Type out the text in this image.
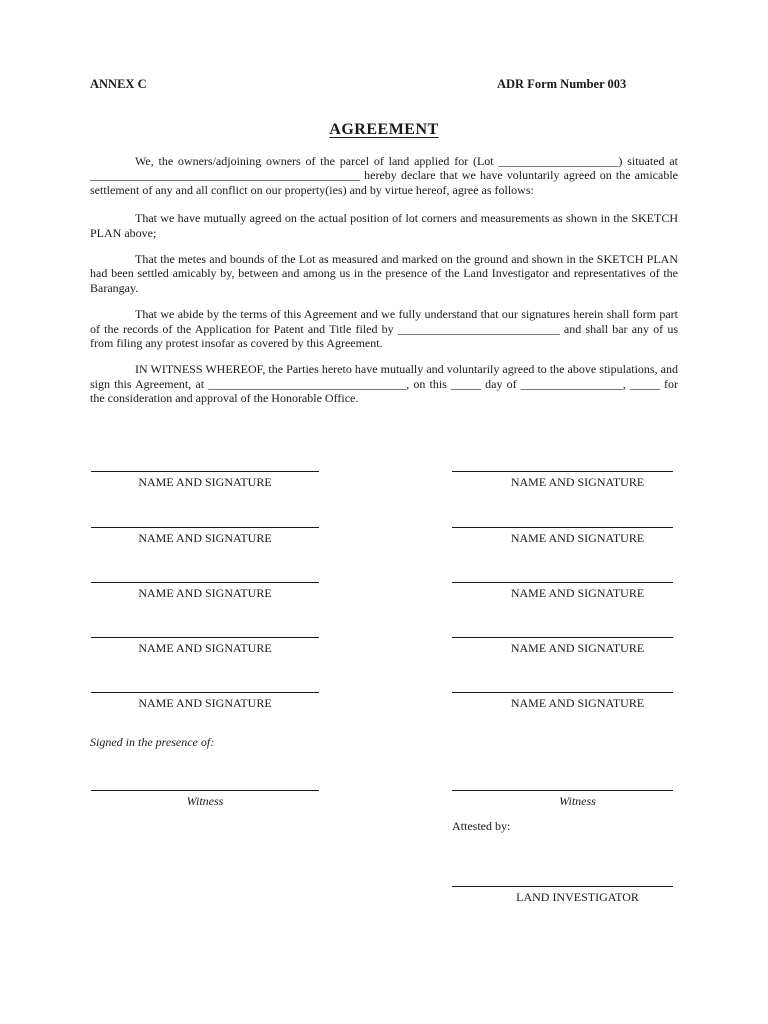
ANNEX C	ADR Form Number 003
AGREEMENT

We, the owners/adjoining owners of the parcel of land applied for (Lot ____________________) situated at _____________________________________________ hereby declare that we have voluntarily agreed on the amicable settlement of any and all conflict on our property(ies) and by virtue hereof, agree as follows:

That we have mutually agreed on the actual position of lot corners and measurements as shown in the SKETCH PLAN above;

That the metes and bounds of the Lot as measured and marked on the ground and shown in the SKETCH PLAN had been settled amicably by, between and among us in the presence of the Land Investigator and representatives of the Barangay.

That we abide by the terms of this Agreement and we fully understand that our signatures herein shall form part of the records of the Application for Patent and Title filed by ___________________________ and shall bar any of us from filing any protest insofar as covered by this Agreement.

IN WITNESS WHEREOF, the Parties hereto have mutually and voluntarily agreed to the above stipulations, and sign this Agreement, at _________________________________, on this _____ day of _________________, _____ for the consideration and approval of the Honorable Office.

NAME AND SIGNATURE	NAME AND SIGNATURE
NAME AND SIGNATURE	NAME AND SIGNATURE
NAME AND SIGNATURE	NAME AND SIGNATURE
NAME AND SIGNATURE	NAME AND SIGNATURE
NAME AND SIGNATURE	NAME AND SIGNATURE
Signed in the presence of:
Witness	Witness
Attested by:
LAND INVESTIGATOR
